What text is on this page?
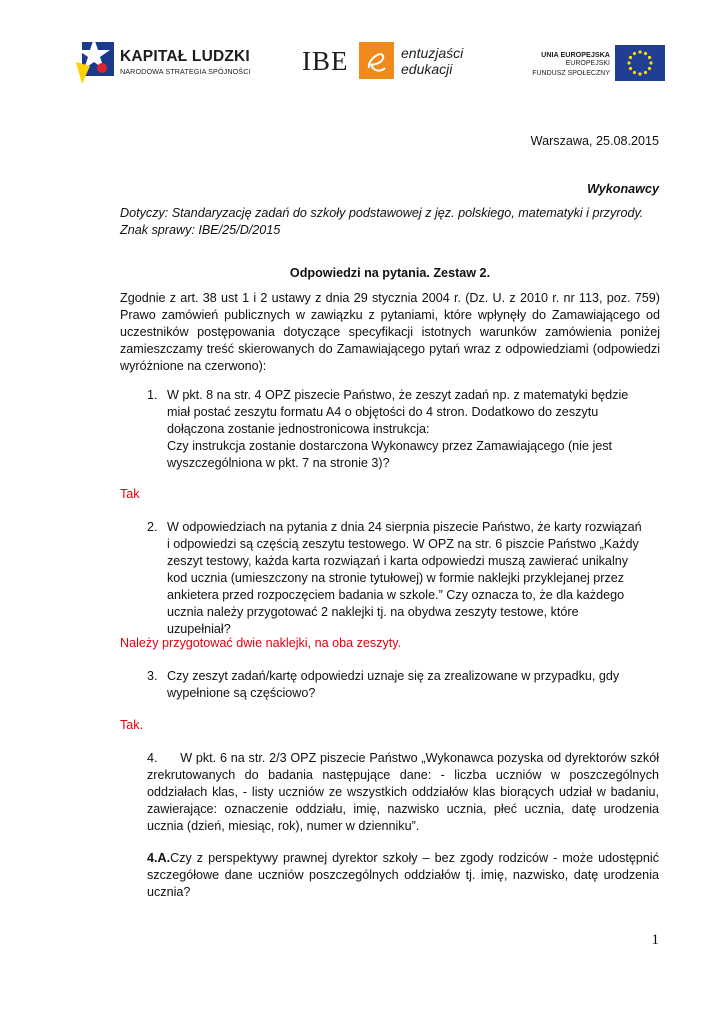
KAPITAŁ LUDZKI
NARODOWA STRATEGIA SPÓJNOŚCI IBE	entuzjaści
edukacji
UNIA EUROPEJSKA
EUROPEJSKI
FUNDUSZ SPOŁECZNY
Warszawa, 25.08.2015
Wykonawcy
Dotyczy: Standaryzację zadań do szkoły podstawowej z jęz. polskiego, matematyki i przyrody. Znak sprawy: IBE/25/D/2015
Odpowiedzi na pytania. Zestaw 2.
Zgodnie z art. 38 ust 1 i 2 ustawy z dnia 29 stycznia 2004 r. (Dz. U. z 2010 r. nr 113, poz. 759) Prawo zamówień publicznych w zawiązku z pytaniami, które wpłynęły do Zamawiającego od uczestników postępowania dotyczące specyfikacji istotnych warunków zamówienia poniżej zamieszczamy treść skierowanych do Zamawiającego pytań wraz z odpowiedziami (odpowiedzi wyróżnione na czerwono):
1. W pkt. 8 na str. 4 OPZ piszecie Państwo, że zeszyt zadań np. z matematyki będzie miał postać zeszytu formatu A4 o objętości do 4 stron. Dodatkowo do zeszytu dołączona zostanie jednostronicowa instrukcja:
Czy instrukcja zostanie dostarczona Wykonawcy przez Zamawiającego (nie jest wyszczególniona w pkt. 7 na stronie 3)?
Tak
2. W odpowiedziach na pytania z dnia 24 sierpnia piszecie Państwo, że karty rozwiązań i odpowiedzi są częścią zeszytu testowego. W OPZ na str. 6 piszcie Państwo „Każdy zeszyt testowy, każda karta rozwiązań i karta odpowiedzi muszą zawierać unikalny kod ucznia (umieszczony na stronie tytułowej) w formie naklejki przyklejanej przez ankietera przed rozpoczęciem badania w szkole.” Czy oznacza to, że dla każdego ucznia należy przygotować 2 naklejki tj. na obydwa zeszyty testowe, które uzupełniał?
Należy przygotować dwie naklejki, na oba zeszyty.
3. Czy zeszyt zadań/kartę odpowiedzi uznaje się za zrealizowane w przypadku, gdy wypełnione są częściowo?
Tak.
4. W pkt. 6 na str. 2/3 OPZ piszecie Państwo „Wykonawca pozyska od dyrektorów szkół zrekrutowanych do badania następujące dane: - liczba uczniów w poszczególnych oddziałach klas, - listy uczniów ze wszystkich oddziałów klas biorących udział w badaniu, zawierające: oznaczenie oddziału, imię, nazwisko ucznia, płeć ucznia, datę urodzenia ucznia (dzień, miesiąc, rok), numer w dzienniku”.
4.A.Czy z perspektywy prawnej dyrektor szkoły – bez zgody rodziców - może udostępnić szczegółowe dane uczniów poszczególnych oddziałów tj. imię, nazwisko, datę urodzenia ucznia?
1
